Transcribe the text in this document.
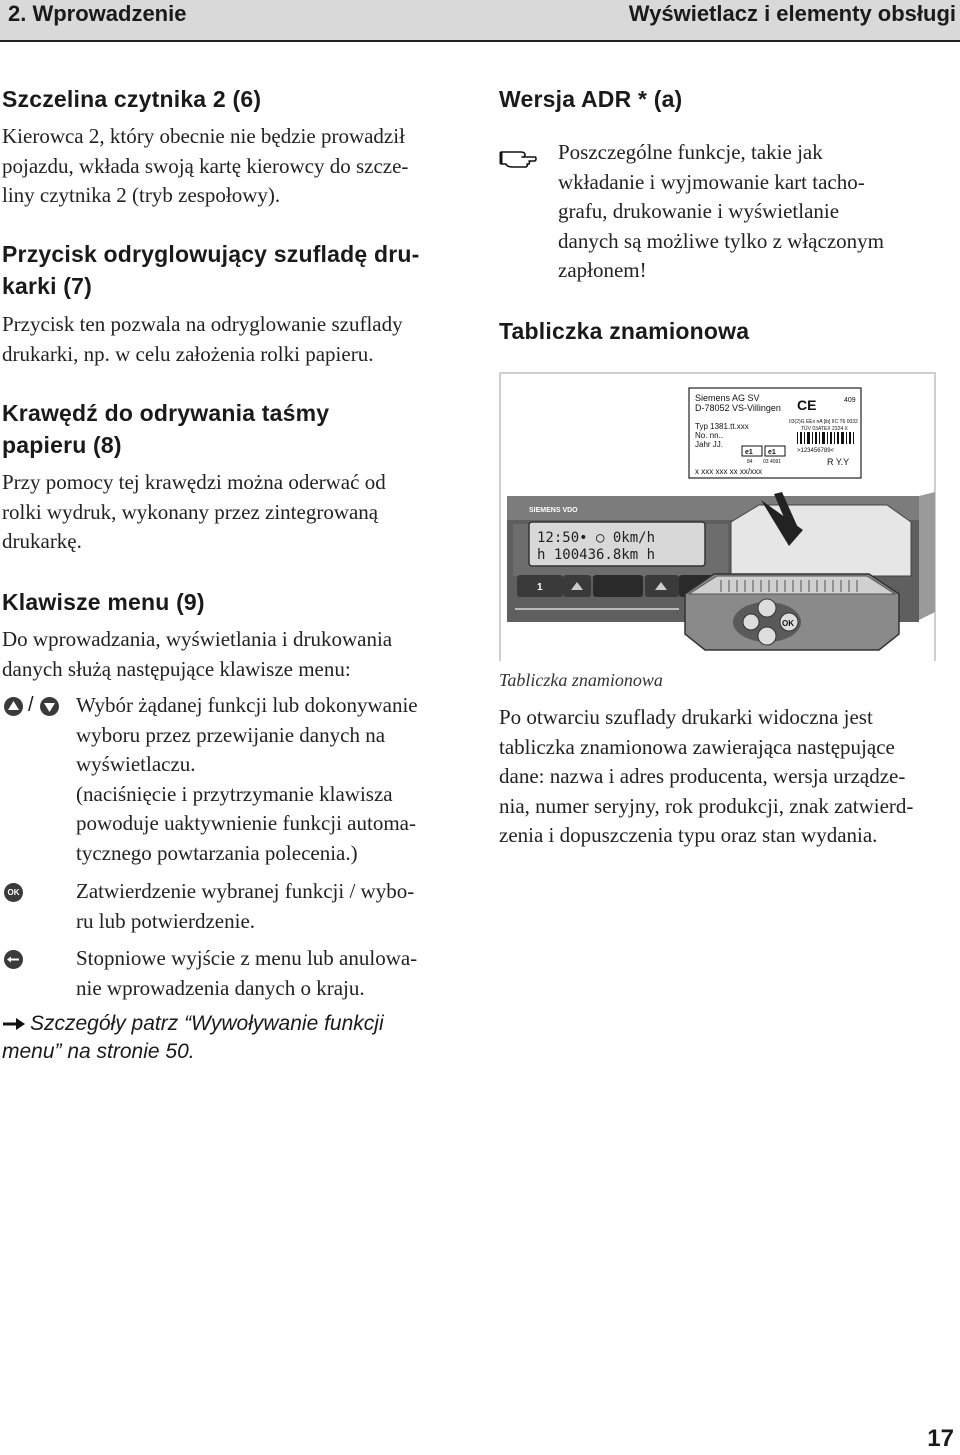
2. Wprowadzenie	Wyświetlacz i elementy obsługi
Szczelina czytnika 2 (6)
Kierowca 2, który obecnie nie będzie prowadził
pojazdu, wkłada swoją kartę kierowcy do szcze-
liny czytnika 2 (tryb zespołowy).
Przycisk odryglowujący szufladę dru-
karki (7)
Przycisk ten pozwala na odryglowanie szuflady
drukarki, np. w celu założenia rolki papieru.
Krawędź do odrywania taśmy
papieru (8)
Przy pomocy tej krawędzi można oderwać od
rolki wydruk, wykonany przez zintegrowaną
drukarkę.
Klawisze menu (9)
Do wprowadzania, wyświetlania i drukowania
danych służą następujące klawisze menu:
/ Wybór żądanej funkcji lub dokonywanie
wyboru przez przewijanie danych na
wyświetlaczu.
(naciśnięcie i przytrzymanie klawisza
powoduje uaktywnienie funkcji automa-
tycznego powtarzania polecenia.)
OK	Zatwierdzenie wybranej funkcji / wybo-
ru lub potwierdzenie.
Stopniowe wyjście z menu lub anulowa-
nie wprowadzenia danych o kraju.
Szczegóły patrz “Wywoływanie funkcji
menu” na stronie 50.
Wersja ADR * (a)
Poszczególne funkcje, takie jak
wkładanie i wyjmowanie kart tacho-
grafu, drukowanie i wyświetlanie
danych są możliwe tylko z włączonym
zapłonem!
Tabliczka znamionowa
12:50• ○ 0km/h
h 100436.8km h
SIEMENS VDO
1
OK
Siemens AG SV
D-78052 VS-Villingen CE	409
II3(2)G EEx nA [ib] IIC T6 0032
TÜV 03ATEX 2324 X
Typ 1381.tt.xxx
No. nn..
Jahr JJ.
e1 e1
84 03 4091
>123456789<
R Y.Y
x xxx xxx xx xx/xxx
Tabliczka znamionowa
Po otwarciu szuflady drukarki widoczna jest
tabliczka znamionowa zawierająca następujące
dane: nazwa i adres producenta, wersja urządze-
nia, numer seryjny, rok produkcji, znak zatwierd-
zenia i dopuszczenia typu oraz stan wydania.
17
